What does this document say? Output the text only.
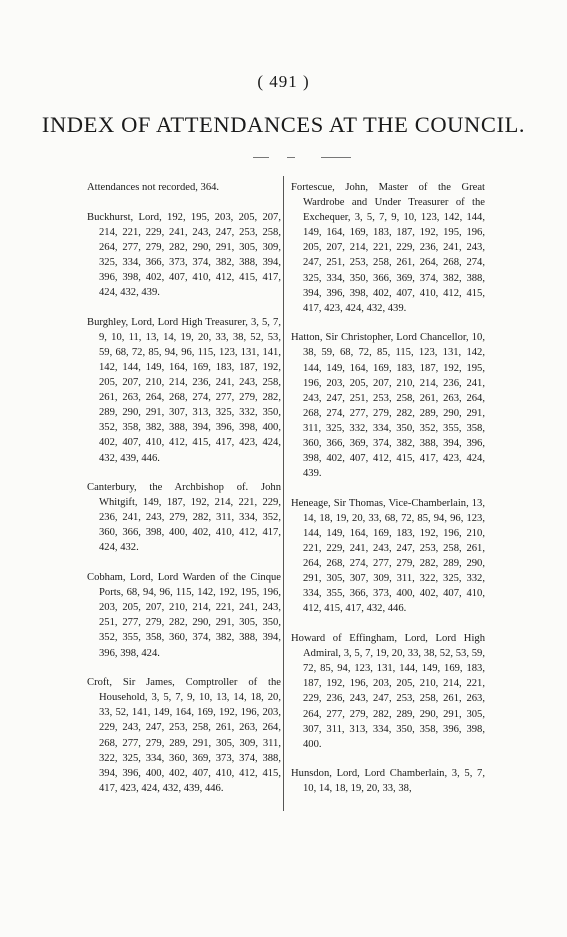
( 491 )
INDEX OF ATTENDANCES AT THE COUNCIL.

Attendances not recorded, 364.

Buckhurst, Lord, 192, 195, 203, 205, 207, 214, 221, 229, 241, 243, 247, 253, 258, 264, 277, 279, 282, 290, 291, 305, 309, 325, 334, 366, 373, 374, 382, 388, 394, 396, 398, 402, 407, 410, 412, 415, 417, 424, 432, 439.

Burghley, Lord, Lord High Treasurer, 3, 5, 7, 9, 10, 11, 13, 14, 19, 20, 33, 38, 52, 53, 59, 68, 72, 85, 94, 96, 115, 123, 131, 141, 142, 144, 149, 164, 169, 183, 187, 192, 205, 207, 210, 214, 236, 241, 243, 258, 261, 263, 264, 268, 274, 277, 279, 282, 289, 290, 291, 307, 313, 325, 332, 350, 352, 358, 382, 388, 394, 396, 398, 400, 402, 407, 410, 412, 415, 417, 423, 424, 432, 439, 446.

Canterbury, the Archbishop of. John Whitgift, 149, 187, 192, 214, 221, 229, 236, 241, 243, 279, 282, 311, 334, 352, 360, 366, 398, 400, 402, 410, 412, 417, 424, 432.

Cobham, Lord, Lord Warden of the Cinque Ports, 68, 94, 96, 115, 142, 192, 195, 196, 203, 205, 207, 210, 214, 221, 241, 243, 251, 277, 279, 282, 290, 291, 305, 350, 352, 355, 358, 360, 374, 382, 388, 394, 396, 398, 424.

Croft, Sir James, Comptroller of the Household, 3, 5, 7, 9, 10, 13, 14, 18, 20, 33, 52, 141, 149, 164, 169, 192, 196, 203, 229, 243, 247, 253, 258, 261, 263, 264, 268, 277, 279, 289, 291, 305, 309, 311, 322, 325, 334, 360, 369, 373, 374, 388, 394, 396, 400, 402, 407, 410, 412, 415, 417, 423, 424, 432, 439, 446.

Fortescue, John, Master of the Great Wardrobe and Under Treasurer of the Exchequer, 3, 5, 7, 9, 10, 123, 142, 144, 149, 164, 169, 183, 187, 192, 195, 196, 205, 207, 214, 221, 229, 236, 241, 243, 247, 251, 253, 258, 261, 264, 268, 274, 325, 334, 350, 366, 369, 374, 382, 388, 394, 396, 398, 402, 407, 410, 412, 415, 417, 423, 424, 432, 439.

Hatton, Sir Christopher, Lord Chancellor, 10, 38, 59, 68, 72, 85, 115, 123, 131, 142, 144, 149, 164, 169, 183, 187, 192, 195, 196, 203, 205, 207, 210, 214, 236, 241, 243, 247, 251, 253, 258, 261, 263, 264, 268, 274, 277, 279, 282, 289, 290, 291, 311, 325, 332, 334, 350, 352, 355, 358, 360, 366, 369, 374, 382, 388, 394, 396, 398, 402, 407, 412, 415, 417, 423, 424, 439.

Heneage, Sir Thomas, Vice-Chamberlain, 13, 14, 18, 19, 20, 33, 68, 72, 85, 94, 96, 123, 144, 149, 164, 169, 183, 192, 196, 210, 221, 229, 241, 243, 247, 253, 258, 261, 264, 268, 274, 277, 279, 282, 289, 290, 291, 305, 307, 309, 311, 322, 325, 332, 334, 355, 366, 373, 400, 402, 407, 410, 412, 415, 417, 432, 446.

Howard of Effingham, Lord, Lord High Admiral, 3, 5, 7, 19, 20, 33, 38, 52, 53, 59, 72, 85, 94, 123, 131, 144, 149, 169, 183, 187, 192, 196, 203, 205, 210, 214, 221, 229, 236, 243, 247, 253, 258, 261, 263, 264, 277, 279, 282, 289, 290, 291, 305, 307, 311, 313, 334, 350, 358, 396, 398, 400.

Hunsdon, Lord, Lord Chamberlain, 3, 5, 7, 10, 14, 18, 19, 20, 33, 38,
